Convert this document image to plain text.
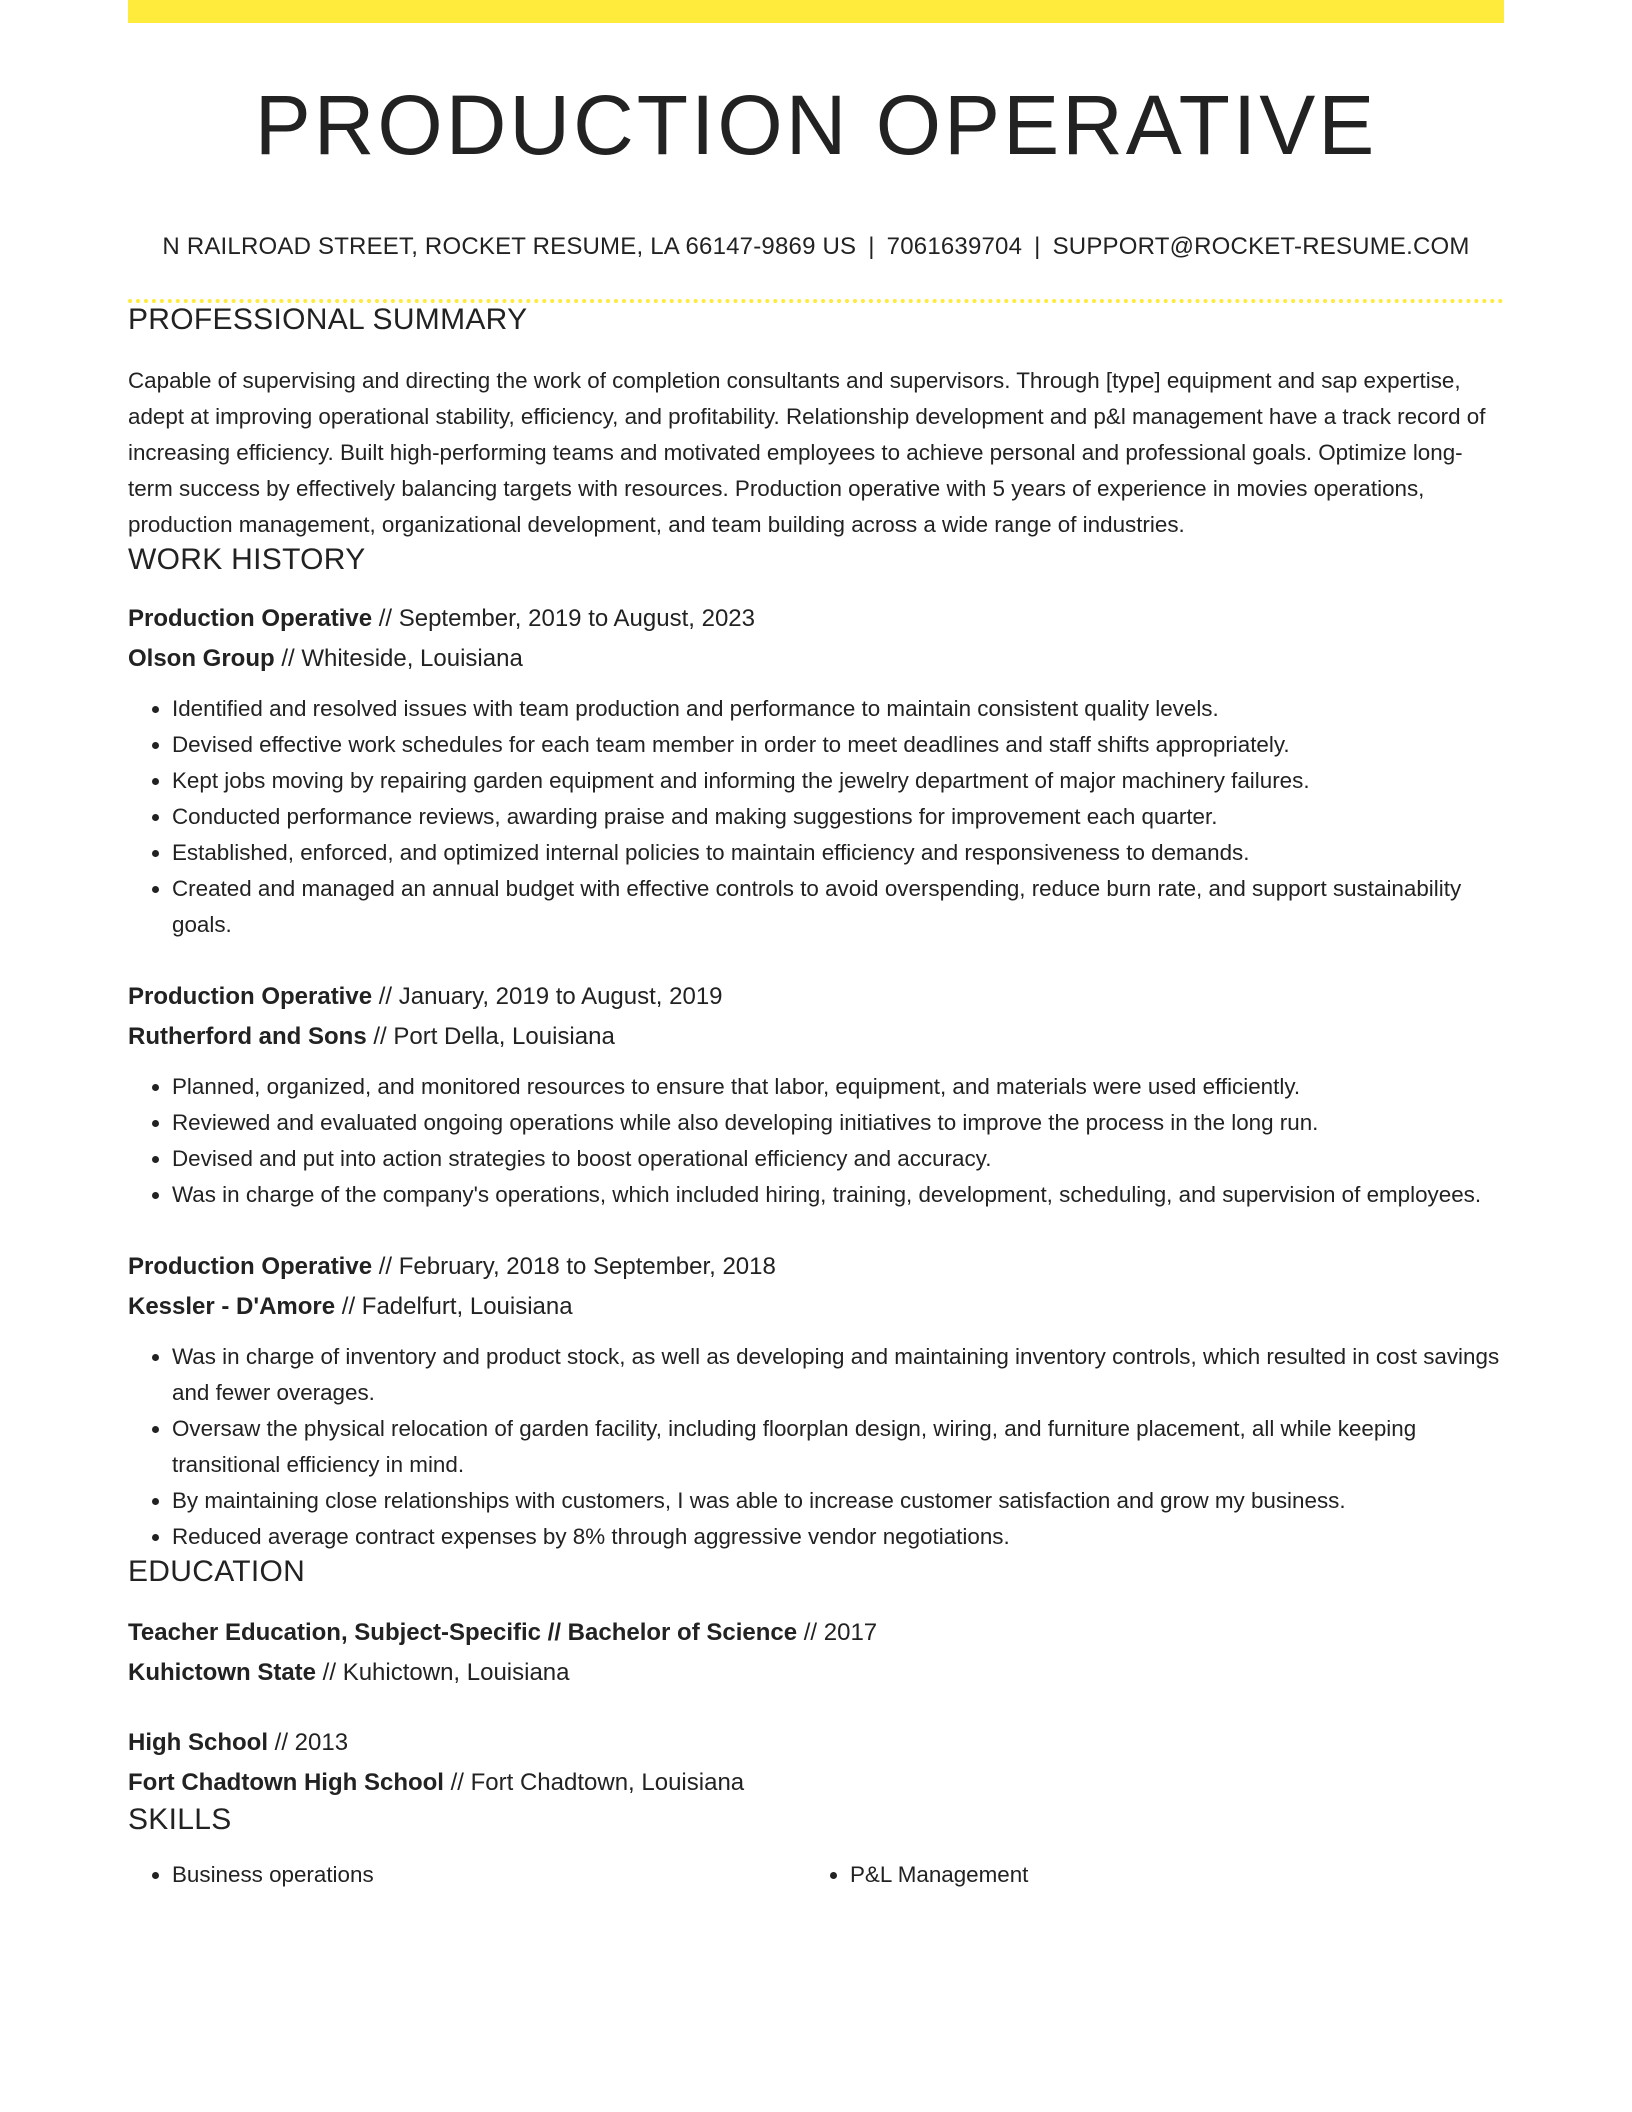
PRODUCTION OPERATIVE
N RAILROAD STREET, ROCKET RESUME, LA 66147-9869 US | 7061639704 | SUPPORT@ROCKET-RESUME.COM
PROFESSIONAL SUMMARY

Capable of supervising and directing the work of completion consultants and supervisors. Through [type] equipment and sap expertise, adept at improving operational stability, efficiency, and profitability. Relationship development and p&l management have a track record of increasing efficiency. Built high-performing teams and motivated employees to achieve personal and professional goals. Optimize long-term success by effectively balancing targets with resources. Production operative with 5 years of experience in movies operations, production management, organizational development, and team building across a wide range of industries.

WORK HISTORY
Production Operative // September, 2019 to August, 2023
Olson Group // Whiteside, Louisiana
• Identified and resolved issues with team production and performance to maintain consistent quality levels.
• Devised effective work schedules for each team member in order to meet deadlines and staff shifts appropriately.
• Kept jobs moving by repairing garden equipment and informing the jewelry department of major machinery failures.
• Conducted performance reviews, awarding praise and making suggestions for improvement each quarter.
• Established, enforced, and optimized internal policies to maintain efficiency and responsiveness to demands.
• Created and managed an annual budget with effective controls to avoid overspending, reduce burn rate, and support sustainability goals.
Production Operative // January, 2019 to August, 2019
Rutherford and Sons // Port Della, Louisiana
• Planned, organized, and monitored resources to ensure that labor, equipment, and materials were used efficiently.
• Reviewed and evaluated ongoing operations while also developing initiatives to improve the process in the long run.
• Devised and put into action strategies to boost operational efficiency and accuracy.
• Was in charge of the company's operations, which included hiring, training, development, scheduling, and supervision of employees.
Production Operative // February, 2018 to September, 2018
Kessler - D'Amore // Fadelfurt, Louisiana
• Was in charge of inventory and product stock, as well as developing and maintaining inventory controls, which resulted in cost savings and fewer overages.
• Oversaw the physical relocation of garden facility, including floorplan design, wiring, and furniture placement, all while keeping transitional efficiency in mind.
• By maintaining close relationships with customers, I was able to increase customer satisfaction and grow my business.
• Reduced average contract expenses by 8% through aggressive vendor negotiations.
EDUCATION
Teacher Education, Subject-Specific // Bachelor of Science // 2017
Kuhictown State // Kuhictown, Louisiana
High School // 2013
Fort Chadtown High School // Fort Chadtown, Louisiana
SKILLS
• Business operations
•	P&L Management
